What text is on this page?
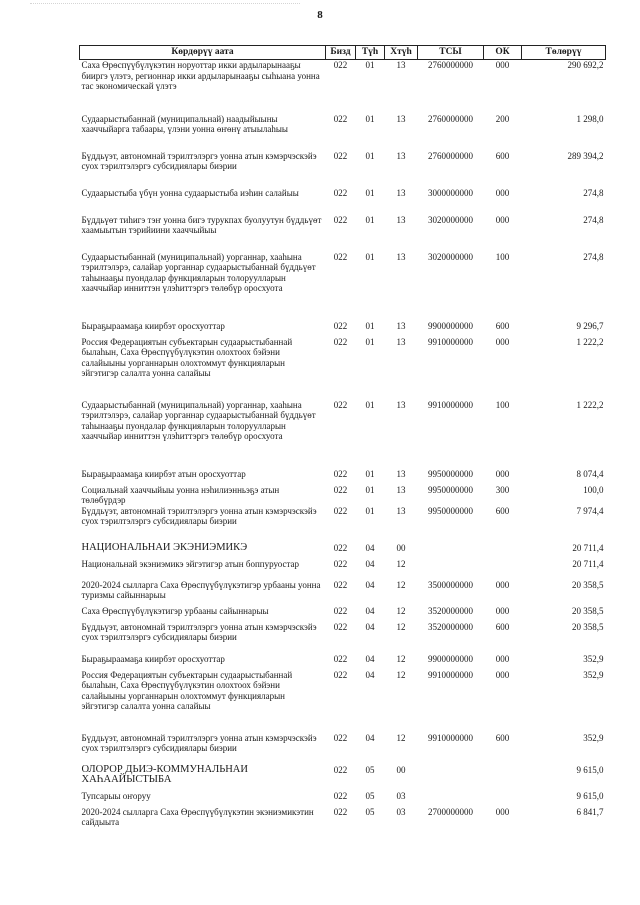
8
Көрдөрүү аата	Бизд	Түһ	Хтүһ	ТСЫ	ОК	Төлөрүү
Саха Өрөспүүбүлүкэтин норуоттар икки ардыларынааҕы бииргэ үлэтэ, регионнар икки ардыларынааҕы сыһыана уонна тас экономическай үлэтэ	022	01	13	2760000000	000	290 692,2
Судаарыстыбаннай (муниципальнай) наадыйыыны хааччыйарга табаары, үлэни уонна өҥөнү атыылаһыы	022	01	13	2760000000	200	1 298,0
Бүддьүэт, автономнай тэрилтэлэргэ уонна атын кэмэрчэскэйэ суох тэрилтэлэргэ субсидиялары биэрии	022	01	13	2760000000	600	289 394,2
Судаарыстыба үбүн уонна судаарыстыба иэһин салайыы	022	01	13	3000000000	000	274,8
Бүддьүөт тиһигэ тэҥ уонна бигэ турукпах буолуутун бүддьүөт хаамыытын тэрийиини хааччыйыы	022	01	13	3020000000	000	274,8
Судаарыстыбаннай (муниципальнай) уорганнар, хааһына тэрилтэлэрэ, салайар уорганнар судаарыстыбаннай бүддьүөт таһынааҕы пуондалар функцияларын толоруулларын хааччыйар инниттэн үлэһиттэргэ төлөбүр оросхуота	022	01	13	3020000000	100	274,8
Быраҕыраамаҕа киирбэт оросхуоттар	022	01	13	9900000000	600	9 296,7
Россия Федерациятын субъектарын судаарыстыбаннай былаһын, Саха Өрөспүүбүлүкэтин олохтоох бэйэни салайыыны уорганнарын олохтоммут функцияларын эйгэтигэр салалта уонна салайыы	022	01	13	9910000000	000	1 222,2
Судаарыстыбаннай (муниципальнай) уорганнар, хааһына тэрилтэлэрэ, салайар уорганнар судаарыстыбаннай бүддьүөт таһынааҕы пуондалар функцияларын толоруулларын хааччыйар инниттэн үлэһиттэргэ төлөбүр оросхуота	022	01	13	9910000000	100	1 222,2
Быраҕыраамаҕа киирбэт атын оросхуоттар	022	01	13	9950000000	000	8 074,4
Социальнай хааччыйыы уонна нэһилиэнньэҕэ атын төлөбүрдэр	022	01	13	9950000000	300	100,0
Бүддьүэт, автономнай тэрилтэлэргэ уонна атын кэмэрчэскэйэ суох тэрилтэлэргэ субсидиялары биэрии	022	01	13	9950000000	600	7 974,4
НАЦИОНАЛЬНАЙ ЭКЭНИЭМИКЭ	022	04	00			20 711,4
Национальнай экэниэмикэ эйгэтигэр атын боппуруостар	022	04	12			20 711,4
2020-2024 сылларгa Саха Өрөспүүбүлүкэтигэр урбааны уонна туризмы сайыннарыы	022	04	12	3500000000	000	20 358,5
Саха Өрөспүүбүлүкэтигэр урбааны сайыннарыы	022	04	12	3520000000	000	20 358,5
Бүддьүэт, автономнай тэрилтэлэргэ уонна атын кэмэрчэскэйэ суох тэрилтэлэргэ субсидиялары биэрии	022	04	12	3520000000	600	20 358,5
Быраҕыраамаҕа киирбэт оросхуоттар	022	04	12	9900000000	000	352,9
Россия Федерациятын субъектарын судаарыстыбаннай былаһын, Саха Өрөспүүбүлүкэтин олохтоох бэйэни салайыыны уорганнарын олохтоммут функцияларын эйгэтигэр салалта уонна салайыы	022	04	12	9910000000	000	352,9
Бүддьүэт, автономнай тэрилтэлэргэ уонна атын кэмэрчэскэйэ суох тэрилтэлэргэ субсидиялары биэрии	022	04	12	9910000000	600	352,9
ОЛОРОР ДЬИЭ-КОММУНАЛЬНАЙ ХАҺААЙЫСТЫБА	022	05	00			9 615,0
Тупсарыы оҥоруу	022	05	03			9 615,0
2020-2024 сылларгa Саха Өрөспүүбүлүкэтин экэниэмикэтин сайдыыта	022	05	03	2700000000	000	6 841,7
